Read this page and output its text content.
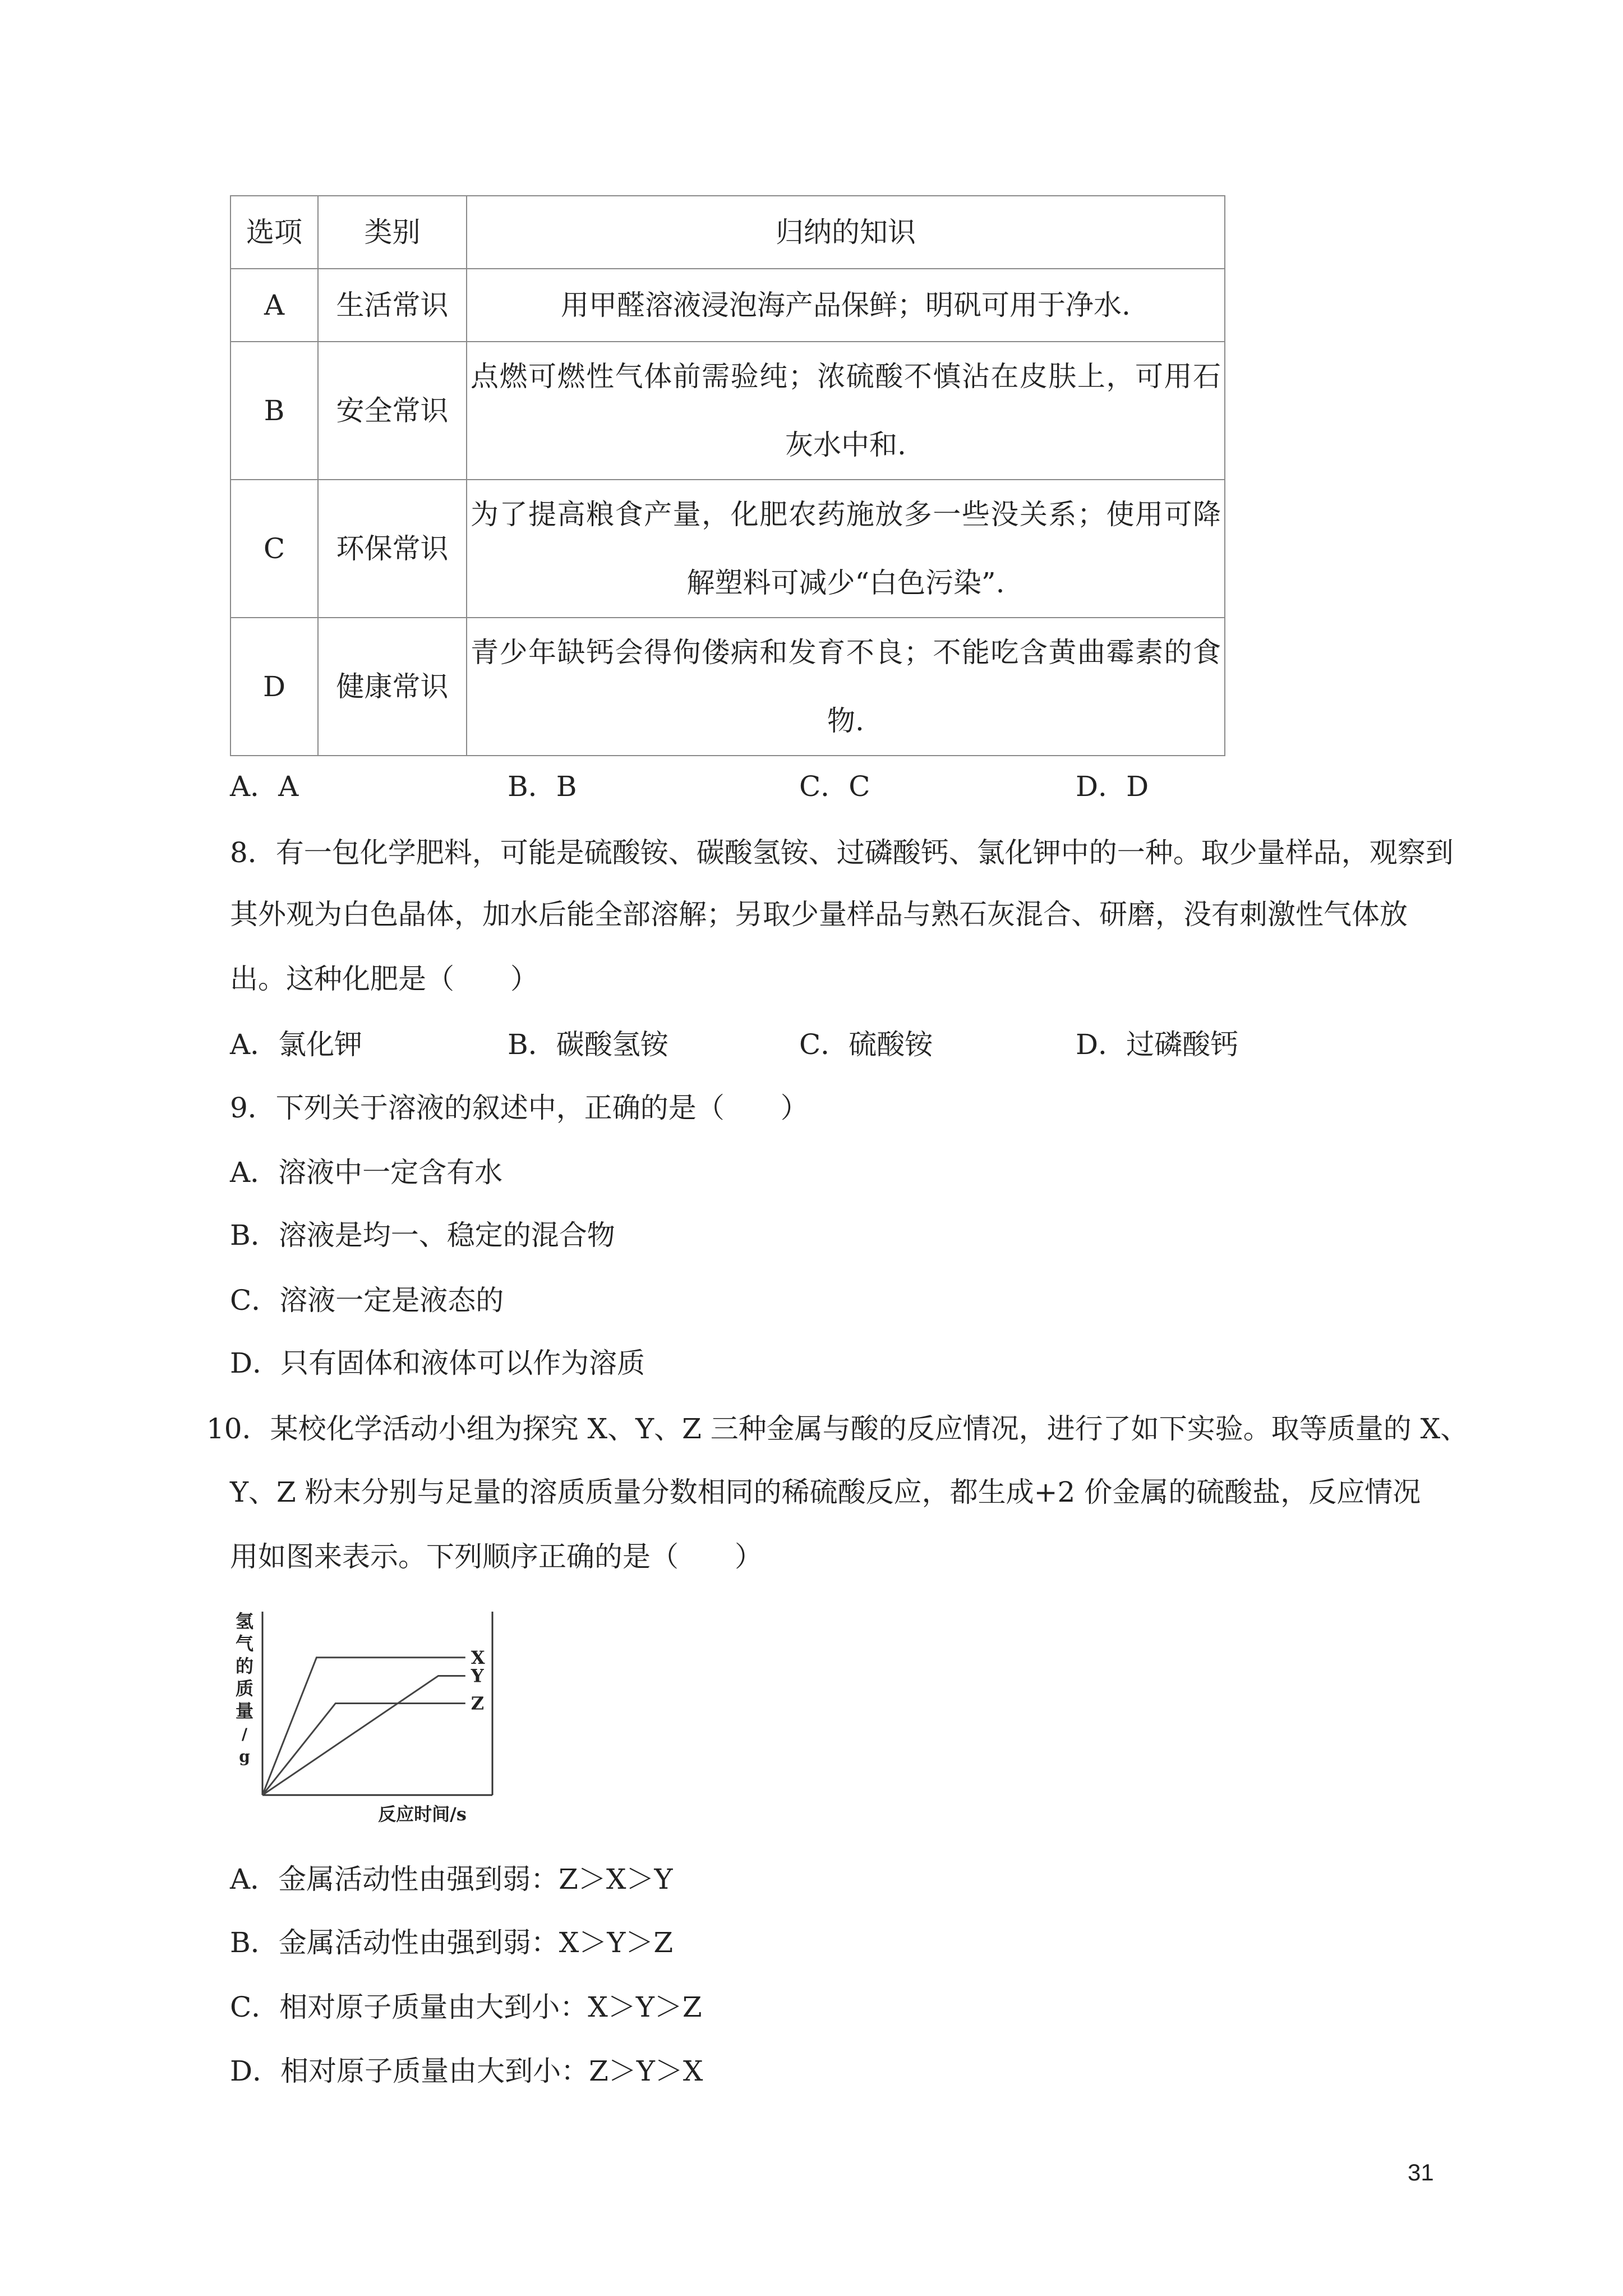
选项	类别	归纳的知识
A	生活常识	用甲醛溶液浸泡海产品保鲜；明矾可用于净水.
B	安全常识	点燃可燃性气体前需验纯；浓硫酸不慎沾在皮肤上，可用石灰水中和.
C	环保常识	为了提高粮食产量，化肥农药施放多一些没关系；使用可降解塑料可减少“白色污染”.
D	健康常识	青少年缺钙会得佝偻病和发育不良；不能吃含黄曲霉素的食物.
A．A	B．B	C．C	D．D
8．有一包化学肥料，可能是硫酸铵、碳酸氢铵、过磷酸钙、氯化钾中的一种。取少量样品，观察到
其外观为白色晶体，加水后能全部溶解；另取少量样品与熟石灰混合、研磨，没有刺激性气体放
出。这种化肥是（　　）
A．氯化钾	B．碳酸氢铵	C．硫酸铵	D．过磷酸钙
9．下列关于溶液的叙述中，正确的是（　　）
A．溶液中一定含有水
B．溶液是均一、稳定的混合物
C．溶液一定是液态的
D．只有固体和液体可以作为溶质
10．某校化学活动小组为探究 X、Y、Z 三种金属与酸的反应情况，进行了如下实验。取等质量的 X、
Y、Z 粉末分别与足量的溶质质量分数相同的稀硫酸反应，都生成+2 价金属的硫酸盐，反应情况
用如图来表示。下列顺序正确的是（　　）
氢
气
的
质
量
/
g
反应时间/s
X
Y
Z
A．金属活动性由强到弱：Z＞X＞Y
B．金属活动性由强到弱：X＞Y＞Z
C．相对原子质量由大到小：X＞Y＞Z
D．相对原子质量由大到小：Z＞Y＞X
31
